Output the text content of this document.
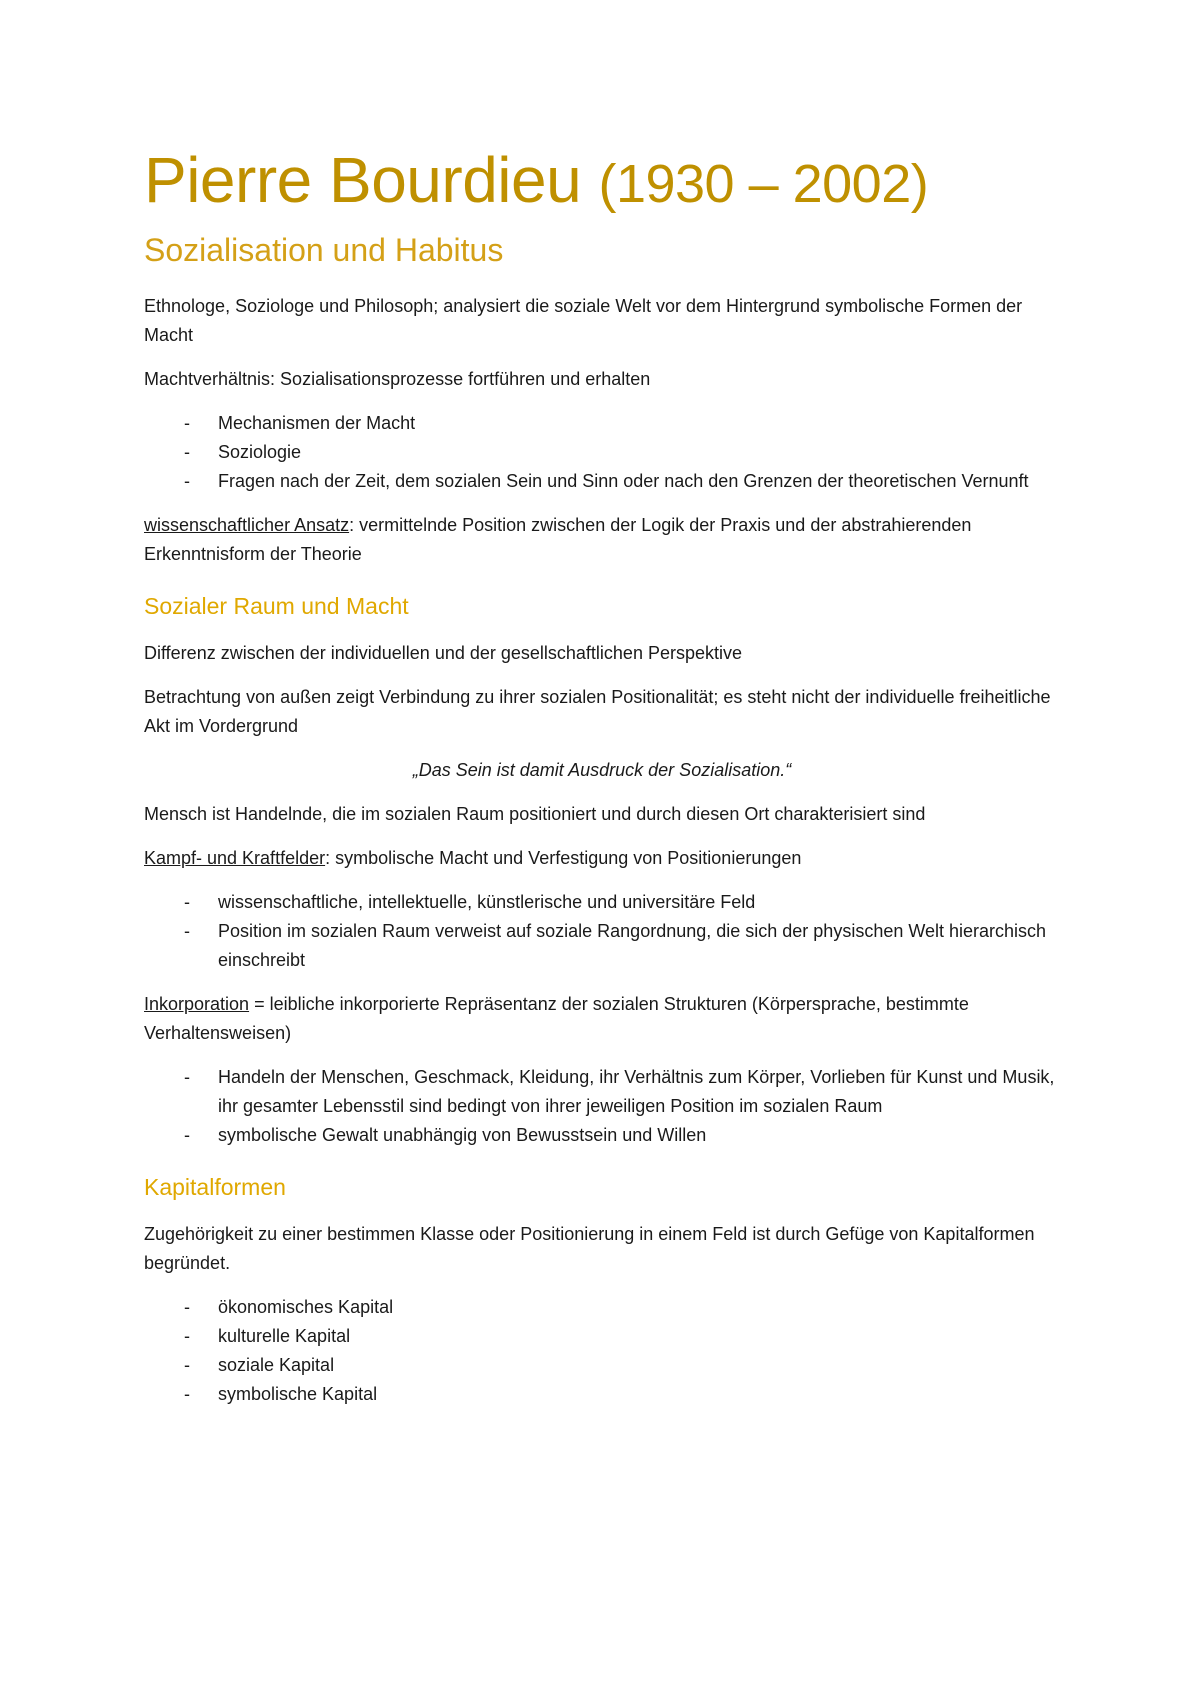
Pierre Bourdieu (1930 – 2002)
Sozialisation und Habitus

Ethnologe, Soziologe und Philosoph; analysiert die soziale Welt vor dem Hintergrund symbolische Formen der Macht

Machtverhältnis: Sozialisationsprozesse fortführen und erhalten

- Mechanismen der Macht
- Soziologie
- Fragen nach der Zeit, dem sozialen Sein und Sinn oder nach den Grenzen der theoretischen Vernunft

wissenschaftlicher Ansatz: vermittelnde Position zwischen der Logik der Praxis und der abstrahierenden Erkenntnisform der Theorie

Sozialer Raum und Macht

Differenz zwischen der individuellen und der gesellschaftlichen Perspektive

Betrachtung von außen zeigt Verbindung zu ihrer sozialen Positionalität; es steht nicht der individuelle freiheitliche Akt im Vordergrund

„Das Sein ist damit Ausdruck der Sozialisation.“

Mensch ist Handelnde, die im sozialen Raum positioniert und durch diesen Ort charakterisiert sind

Kampf- und Kraftfelder: symbolische Macht und Verfestigung von Positionierungen

- wissenschaftliche, intellektuelle, künstlerische und universitäre Feld
- Position im sozialen Raum verweist auf soziale Rangordnung, die sich der physischen Welt hierarchisch einschreibt

Inkorporation = leibliche inkorporierte Repräsentanz der sozialen Strukturen (Körpersprache, bestimmte Verhaltensweisen)

- Handeln der Menschen, Geschmack, Kleidung, ihr Verhältnis zum Körper, Vorlieben für Kunst und Musik, ihr gesamter Lebensstil sind bedingt von ihrer jeweiligen Position im sozialen Raum
- symbolische Gewalt unabhängig von Bewusstsein und Willen
Kapitalformen

Zugehörigkeit zu einer bestimmen Klasse oder Positionierung in einem Feld ist durch Gefüge von Kapitalformen begründet.

- ökonomisches Kapital
- kulturelle Kapital
- soziale Kapital
- symbolische Kapital
